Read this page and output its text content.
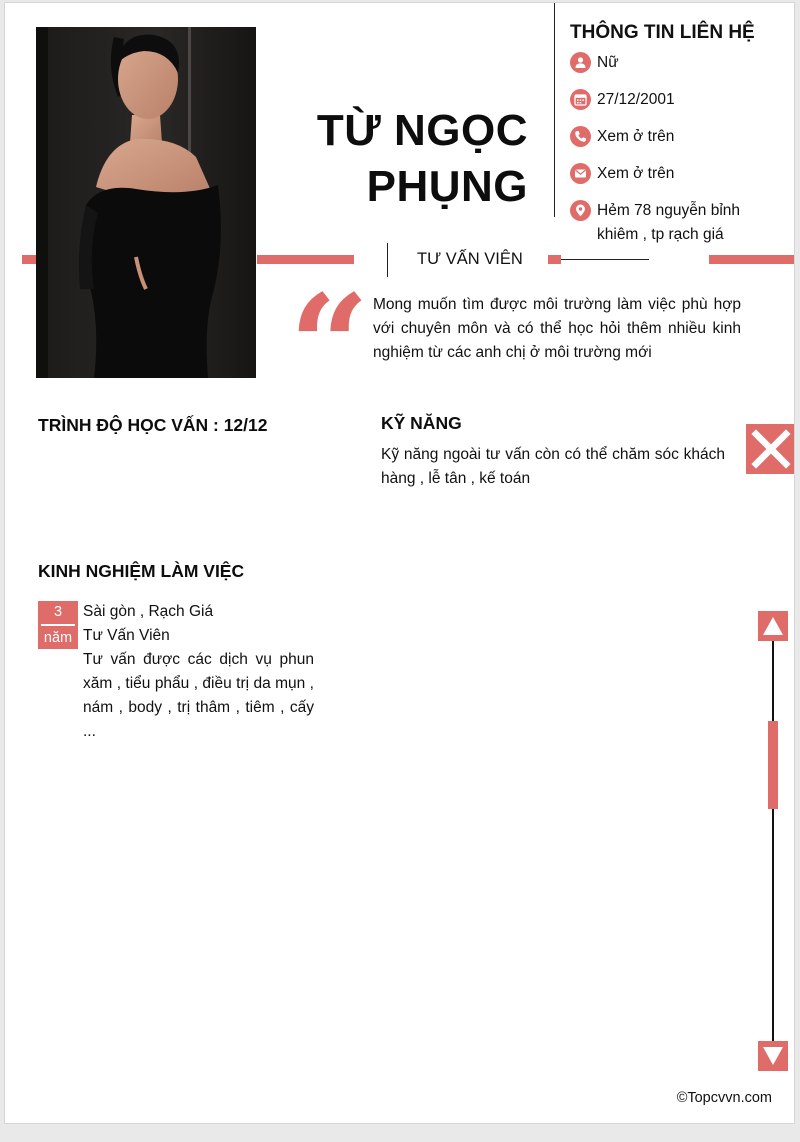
TỪ NGỌC
PHỤNG
THÔNG TIN LIÊN HỆ
Nữ
27/12/2001
Xem ở trên
Xem ở trên
Hẻm 78 nguyễn bỉnh khiêm , tp rạch giá
TƯ VẤN VIÊN
“ Mong muốn tìm được môi trường làm việc phù hợp với chuyên môn và có thể học hỏi thêm nhiều kinh nghiệm từ các anh chị ở môi trường mới
TRÌNH ĐỘ HỌC VẤN : 12/12	KỸ NĂNG
Kỹ năng ngoài tư vấn còn có thể chăm sóc khách hàng , lễ tân , kế toán
KINH NGHIỆM LÀM VIỆC
3
năm
Sài gòn , Rạch Giá
Tư Vấn Viên
Tư vấn được các dịch vụ phun xăm , tiểu phẩu , điều trị da mụn , nám , body , trị thâm , tiêm , cấy ...
©Topcvvn.com
